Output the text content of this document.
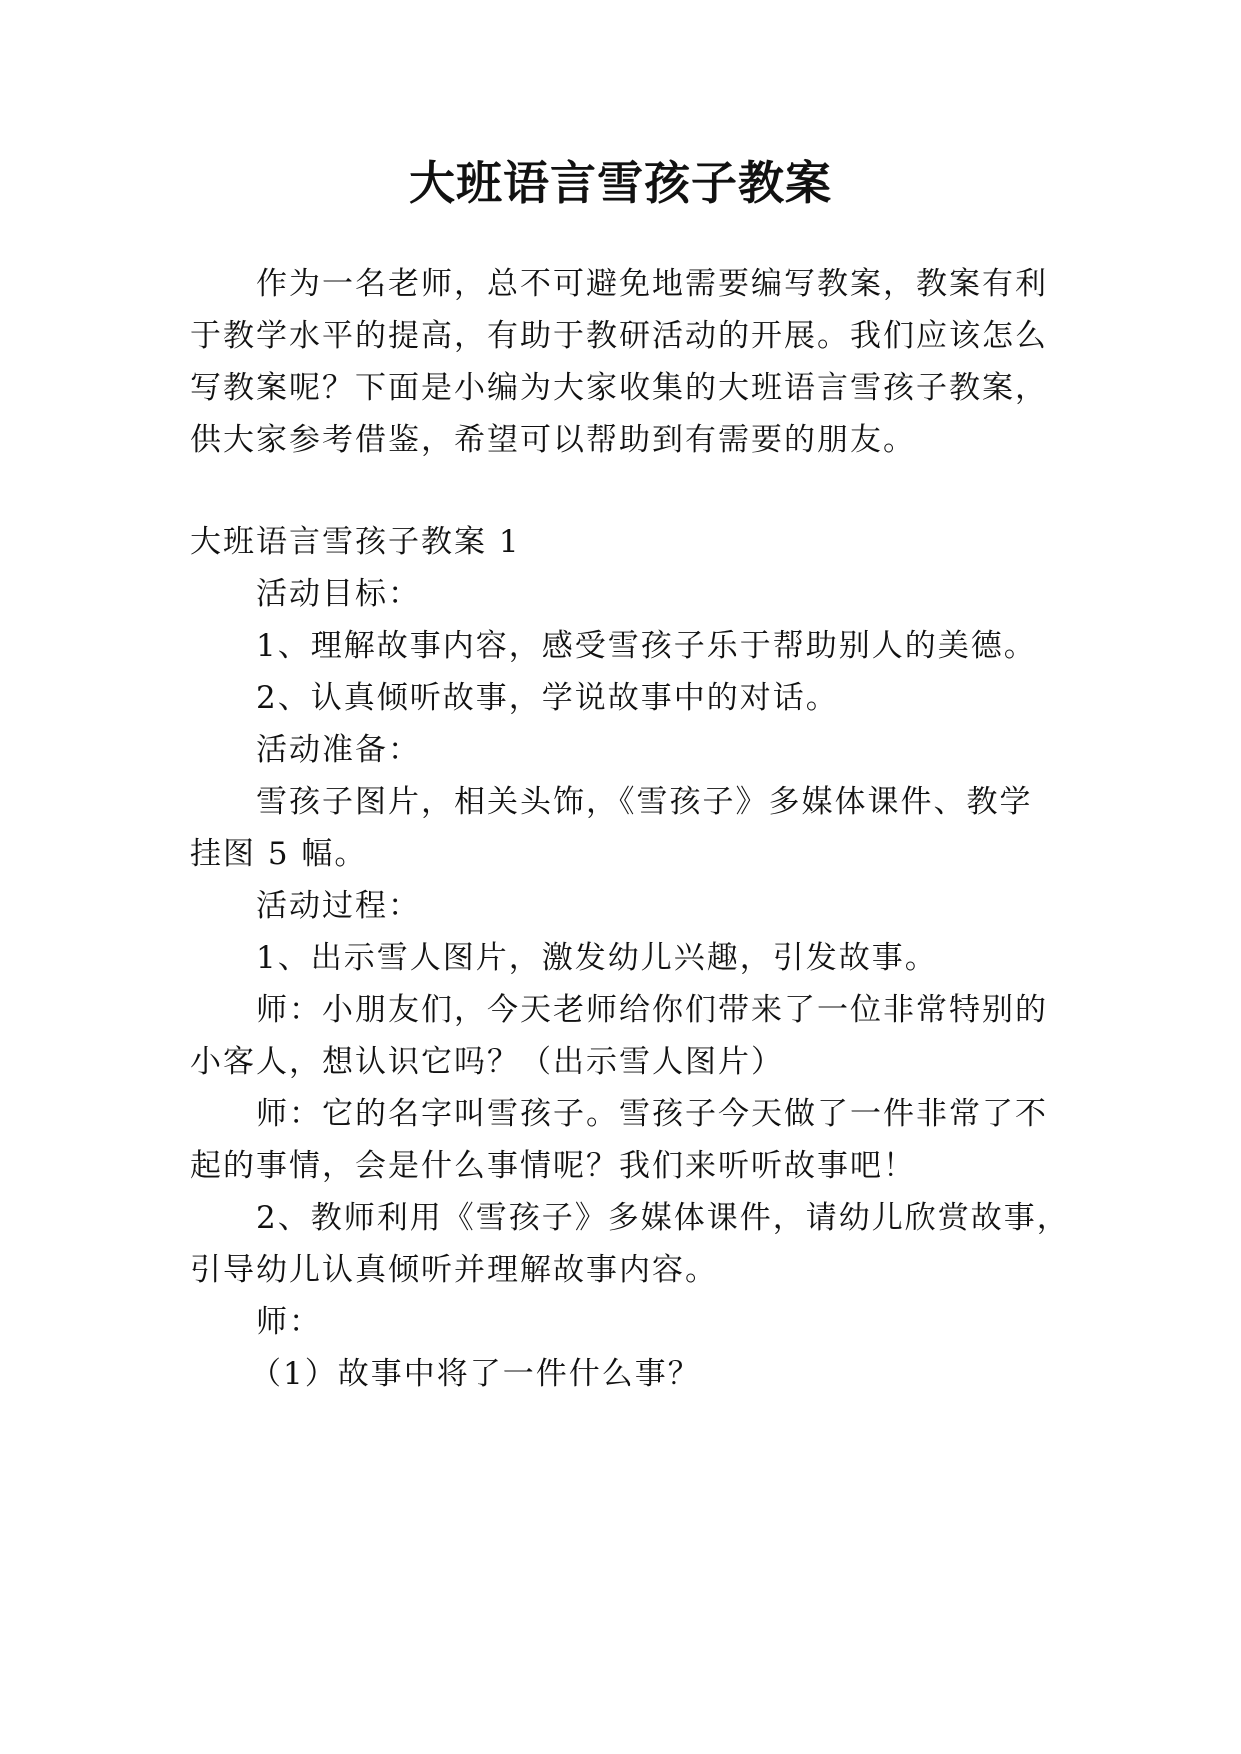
大班语言雪孩子教案
作为一名老师，总不可避免地需要编写教案，教案有利
于教学水平的提高，有助于教研活动的开展。我们应该怎么
写教案呢？下面是小编为大家收集的大班语言雪孩子教案，
供大家参考借鉴，希望可以帮助到有需要的朋友。
大班语言雪孩子教案 1
活动目标：
1、理解故事内容，感受雪孩子乐于帮助别人的美德。
2、认真倾听故事，学说故事中的对话。
活动准备：
雪孩子图片，相关头饰，《雪孩子》多媒体课件、教学
挂图 5 幅。
活动过程：
1、出示雪人图片，激发幼儿兴趣，引发故事。
师：小朋友们，今天老师给你们带来了一位非常特别的
小客人，想认识它吗？（出示雪人图片）
师：它的名字叫雪孩子。雪孩子今天做了一件非常了不
起的事情，会是什么事情呢？我们来听听故事吧！
2、教师利用《雪孩子》多媒体课件，请幼儿欣赏故事，
引导幼儿认真倾听并理解故事内容。
师：
（1）故事中将了一件什么事？
